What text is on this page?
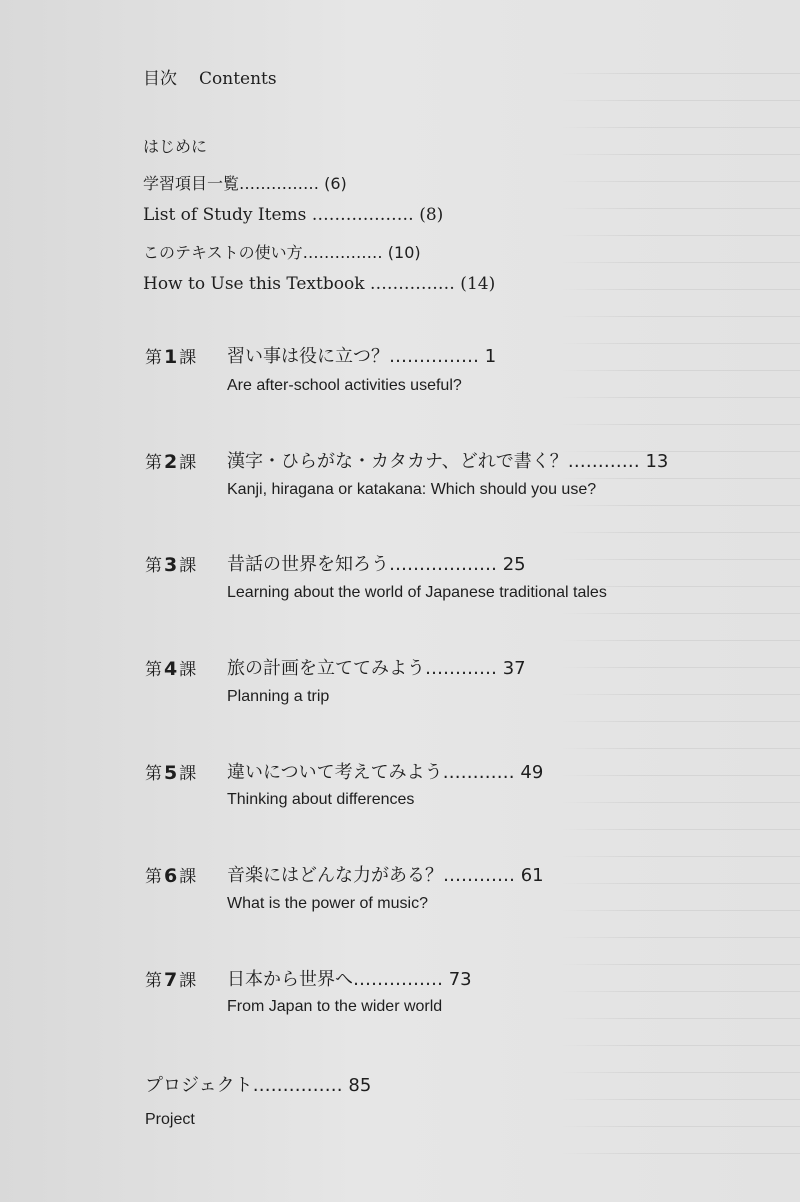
目次 Contents
はじめに
学習項目一覧…………… (6)
List of Study Items ……………… (8)
このテキストの使い方…………… (10)
How to Use this Textbook …………… (14)
第 1 課 習い事は役に立つ？…………… 1
Are after-school activities useful?
第 2 課 漢字・ひらがな・カタカナ、どれで書く？………… 13
Kanji, hiragana or katakana: Which should you use?
第 3 課 昔話の世界を知ろう……………… 25
Learning about the world of Japanese traditional tales
第 4 課 旅の計画を立ててみよう………… 37
Planning a trip
第 5 課 違いについて考えてみよう………… 49
Thinking about differences
第 6 課 音楽にはどんな力がある？………… 61
What is the power of music?
第 7 課 日本から世界へ…………… 73
From Japan to the wider world
プロジェクト…………… 85
Project
